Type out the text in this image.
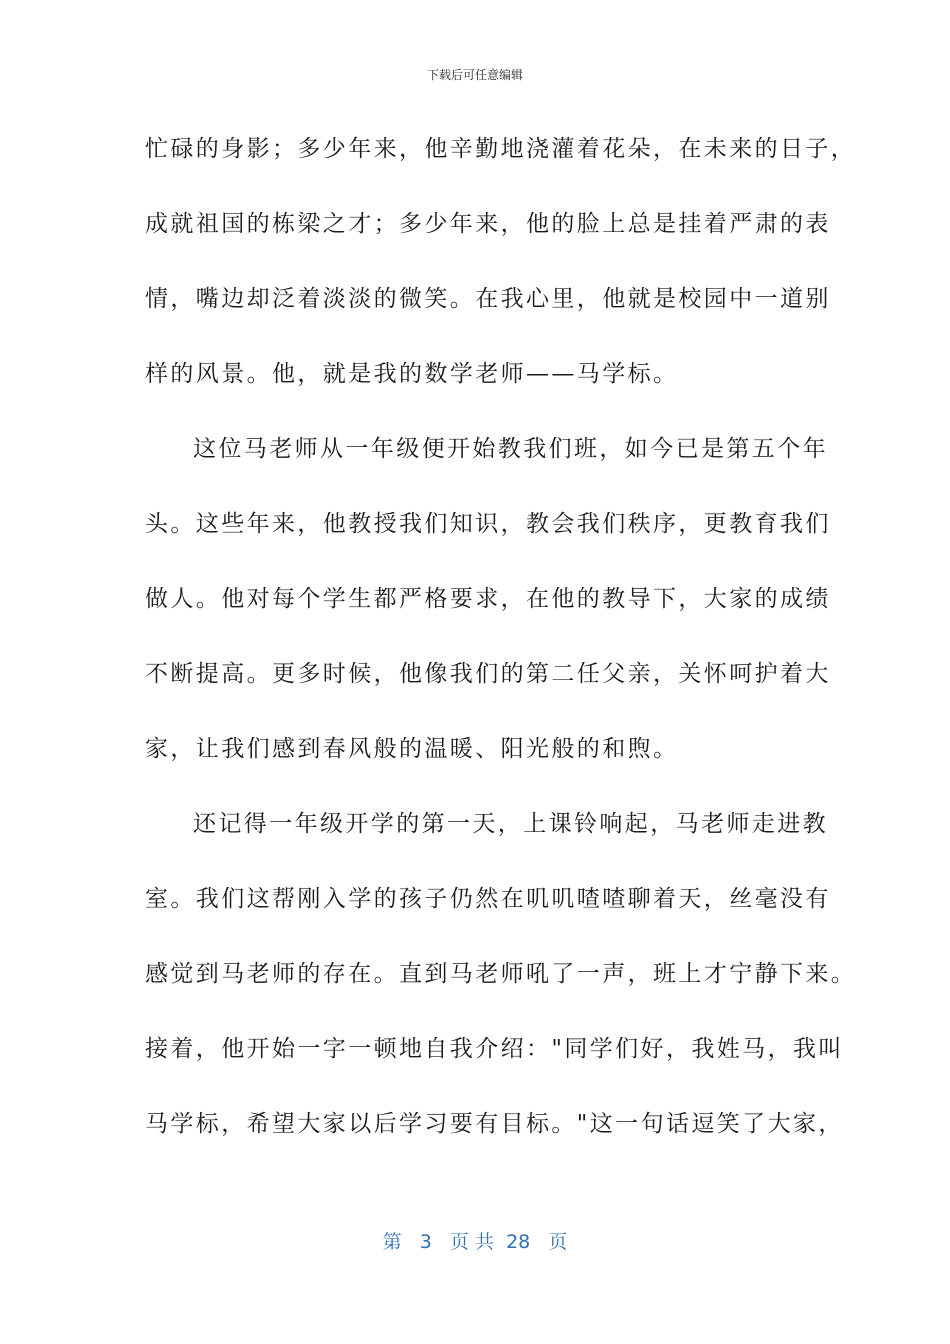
下载后可任意编辑
忙碌的身影；多少年来，他辛勤地浇灌着花朵，在未来的日子，
成就祖国的栋梁之才；多少年来，他的脸上总是挂着严肃的表
情，嘴边却泛着淡淡的微笑。在我心里，他就是校园中一道别
样的风景。他，就是我的数学老师——马学标。
这位马老师从一年级便开始教我们班，如今已是第五个年
头。这些年来，他教授我们知识，教会我们秩序，更教育我们
做人。他对每个学生都严格要求，在他的教导下，大家的成绩
不断提高。更多时候，他像我们的第二任父亲，关怀呵护着大
家，让我们感到春风般的温暖、阳光般的和煦。
还记得一年级开学的第一天，上课铃响起，马老师走进教
室。我们这帮刚入学的孩子仍然在叽叽喳喳聊着天，丝毫没有
感觉到马老师的存在。直到马老师吼了一声，班上才宁静下来。
接着，他开始一字一顿地自我介绍："同学们好，我姓马，我叫
马学标，希望大家以后学习要有目标。"这一句话逗笑了大家，
第 3 页 共 28 页
